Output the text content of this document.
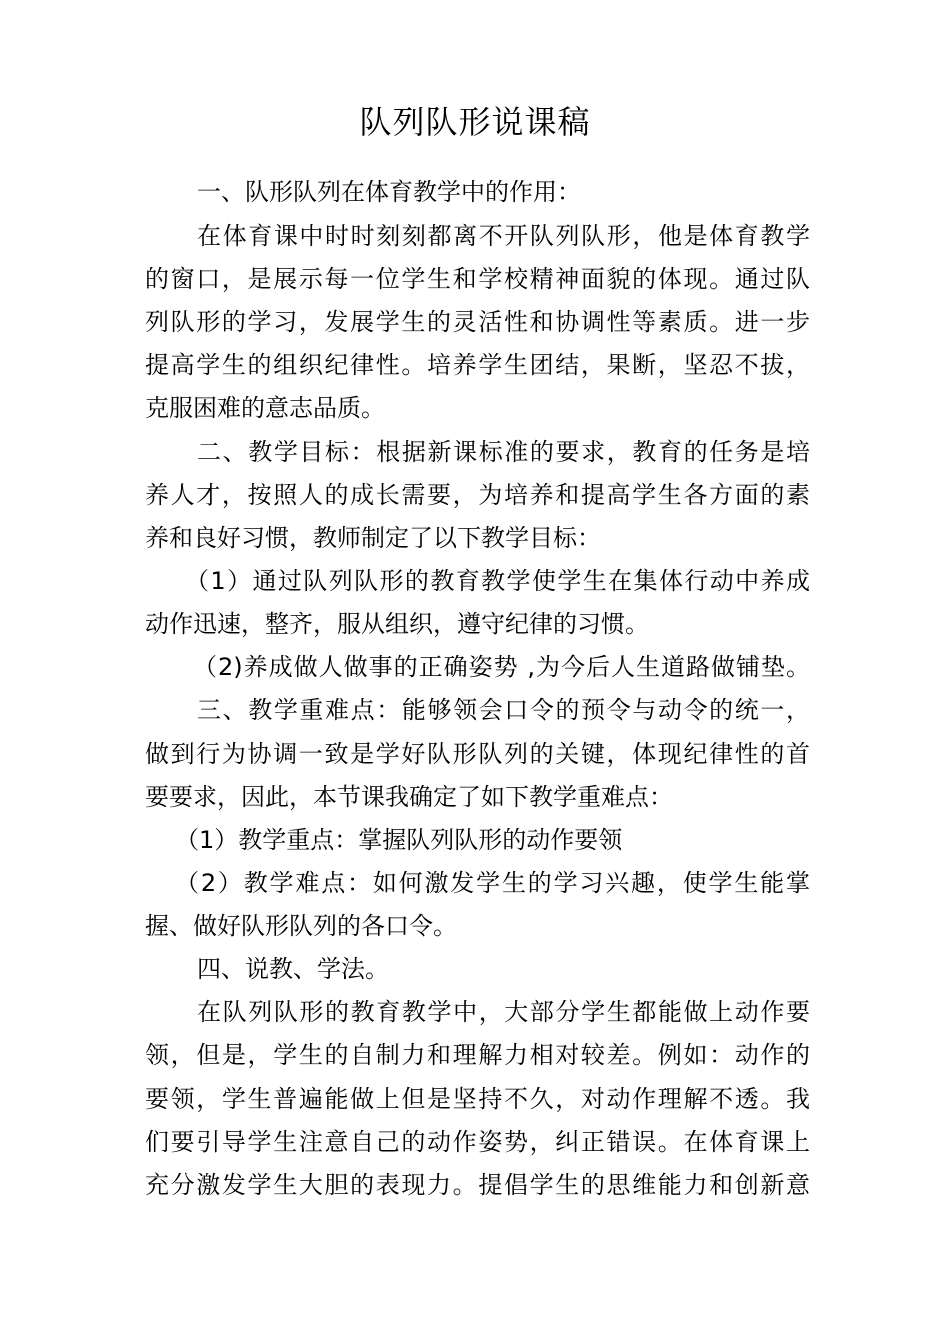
队列队形说课稿
一、队形队列在体育教学中的作用：
在体育课中时时刻刻都离不开队列队形，他是体育教学
的窗口，是展示每一位学生和学校精神面貌的体现。通过队
列队形的学习，发展学生的灵活性和协调性等素质。进一步
提高学生的组织纪律性。培养学生团结，果断，坚忍不拔，
克服困难的意志品质。
二、教学目标：根据新课标准的要求，教育的任务是培
养人才，按照人的成长需要，为培养和提高学生各方面的素
养和良好习惯，教师制定了以下教学目标：
（1）通过队列队形的教育教学使学生在集体行动中养成
动作迅速，整齐，服从组织，遵守纪律的习惯。
（2)养成做人做事的正确姿势 ,为今后人生道路做铺垫。
三、教学重难点：能够领会口令的预令与动令的统一，
做到行为协调一致是学好队形队列的关键，体现纪律性的首
要要求，因此，本节课我确定了如下教学重难点：
（1）教学重点：掌握队列队形的动作要领
（2）教学难点：如何激发学生的学习兴趣，使学生能掌
握、做好队形队列的各口令。
四、说教、学法。
在队列队形的教育教学中，大部分学生都能做上动作要
领，但是，学生的自制力和理解力相对较差。例如：动作的
要领，学生普遍能做上但是坚持不久，对动作理解不透。我
们要引导学生注意自己的动作姿势，纠正错误。在体育课上
充分激发学生大胆的表现力。提倡学生的思维能力和创新意
